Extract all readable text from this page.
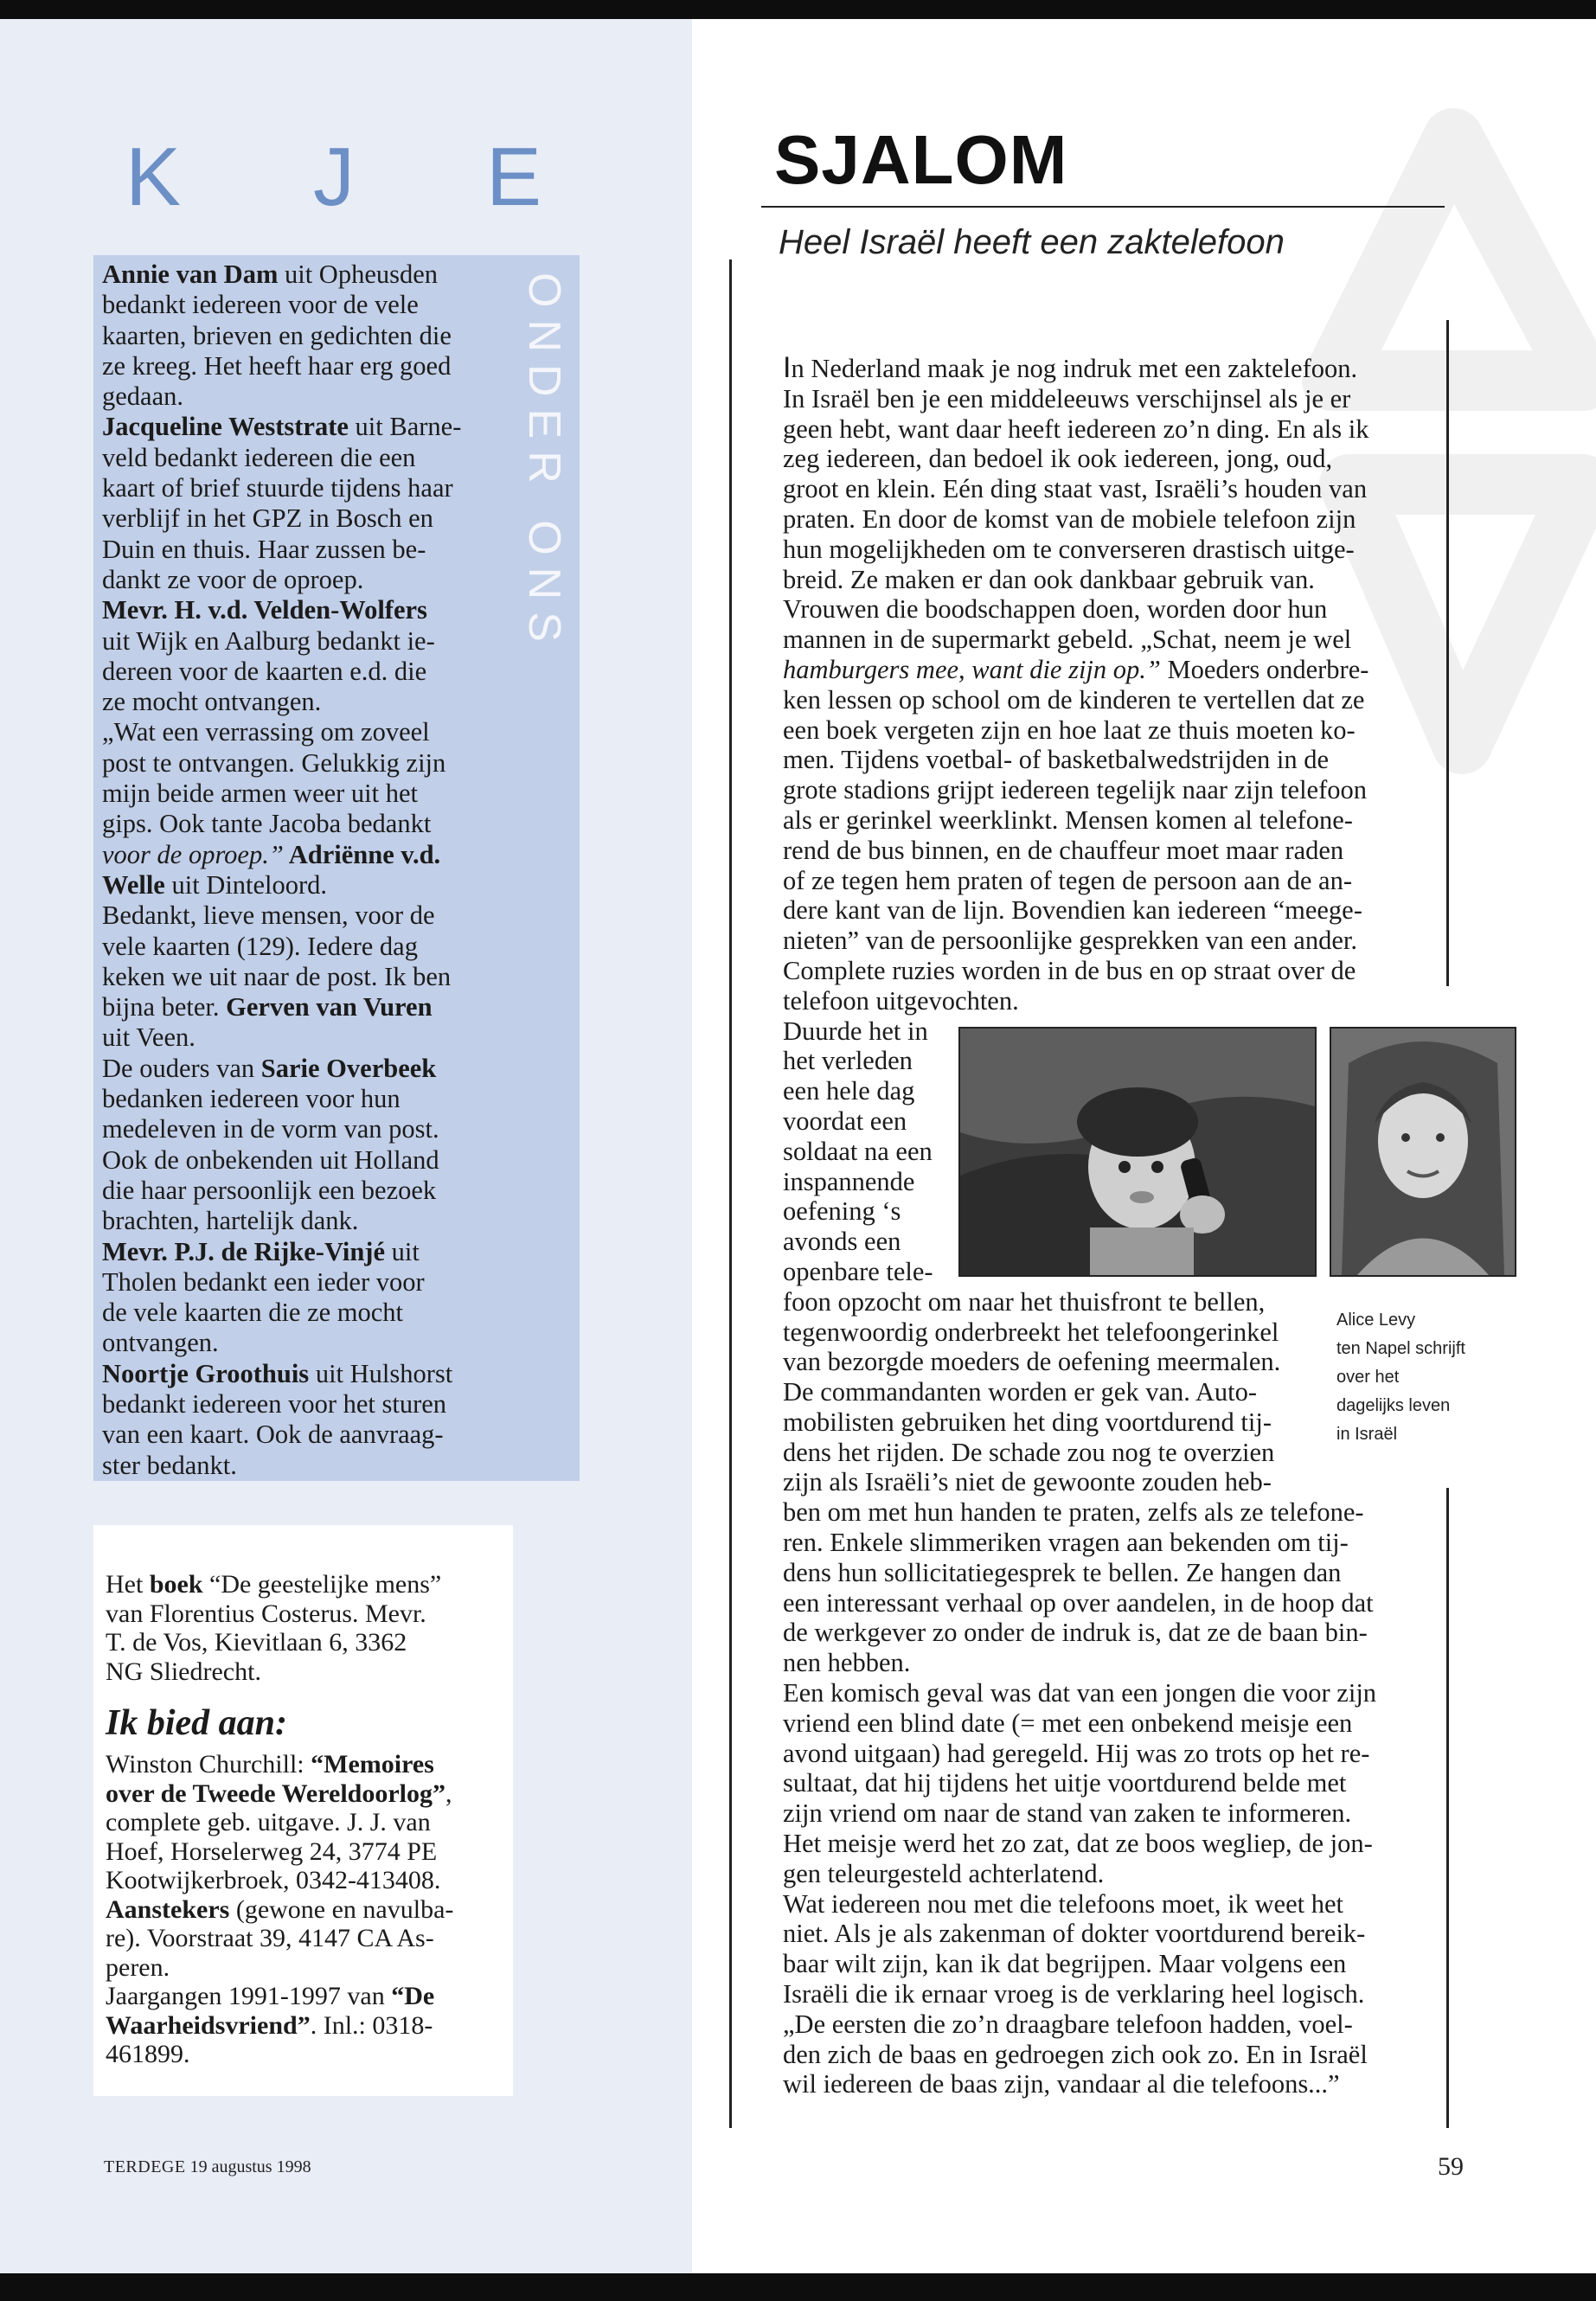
K J E
ONDER ONS
Annie van Dam uit Opheusden
bedankt iedereen voor de vele
kaarten, brieven en gedichten die
ze kreeg. Het heeft haar erg goed
gedaan.
Jacqueline Weststrate uit Barne-
veld bedankt iedereen die een
kaart of brief stuurde tijdens haar
verblijf in het GPZ in Bosch en
Duin en thuis. Haar zussen be-
dankt ze voor de oproep.
Mevr. H. v.d. Velden-Wolfers
uit Wijk en Aalburg bedankt ie-
dereen voor de kaarten e.d. die
ze mocht ontvangen.
„Wat een verrassing om zoveel
post te ontvangen. Gelukkig zijn
mijn beide armen weer uit het
gips. Ook tante Jacoba bedankt
voor de oproep.” Adriënne v.d.
Welle uit Dinteloord.
Bedankt, lieve mensen, voor de
vele kaarten (129). Iedere dag
keken we uit naar de post. Ik ben
bijna beter. Gerven van Vuren
uit Veen.
De ouders van Sarie Overbeek
bedanken iedereen voor hun
medeleven in de vorm van post.
Ook de onbekenden uit Holland
die haar persoonlijk een bezoek
brachten, hartelijk dank.
Mevr. P.J. de Rijke-Vinjé uit
Tholen bedankt een ieder voor
de vele kaarten die ze mocht
ontvangen.
Noortje Groothuis uit Hulshorst
bedankt iedereen voor het sturen
van een kaart. Ook de aanvraag-
ster bedankt.
Het boek “De geestelijke mens”
van Florentius Costerus. Mevr.
T. de Vos, Kievitlaan 6, 3362
NG Sliedrecht.
Ik bied aan:
Winston Churchill: “Memoires
over de Tweede Wereldoorlog”,
complete geb. uitgave. J. J. van
Hoef, Horselerweg 24, 3774 PE
Kootwijkerbroek, 0342-413408.
Aanstekers (gewone en navulba-
re). Voorstraat 39, 4147 CA As-
peren.
Jaargangen 1991-1997 van “De
Waarheidsvriend”. Inl.: 0318-
461899.
TERDEGE 19 augustus 1998
SJALOM
Heel Israël heeft een zaktelefoon
In Nederland maak je nog indruk met een zaktelefoon.
In Israël ben je een middeleeuws verschijnsel als je er
geen hebt, want daar heeft iedereen zo’n ding. En als ik
zeg iedereen, dan bedoel ik ook iedereen, jong, oud,
groot en klein. Eén ding staat vast, Israëli’s houden van
praten. En door de komst van de mobiele telefoon zijn
hun mogelijkheden om te converseren drastisch uitge-
breid. Ze maken er dan ook dankbaar gebruik van.
Vrouwen die boodschappen doen, worden door hun
mannen in de supermarkt gebeld. „Schat, neem je wel
hamburgers mee, want die zijn op.” Moeders onderbre-
ken lessen op school om de kinderen te vertellen dat ze
een boek vergeten zijn en hoe laat ze thuis moeten ko-
men. Tijdens voetbal- of basketbalwedstrijden in de
grote stadions grijpt iedereen tegelijk naar zijn telefoon
als er gerinkel weerklinkt. Mensen komen al telefone-
rend de bus binnen, en de chauffeur moet maar raden
of ze tegen hem praten of tegen de persoon aan de an-
dere kant van de lijn. Bovendien kan iedereen “meege-
nieten” van de persoonlijke gesprekken van een ander.
Complete ruzies worden in de bus en op straat over de
telefoon uitgevochten.
Duurde het in
het verleden
een hele dag
voordat een
soldaat na een
inspannende
oefening ‘s
avonds een
openbare tele-
foon opzocht om naar het thuisfront te bellen,
tegenwoordig onderbreekt het telefoongerinkel
van bezorgde moeders de oefening meermalen.
De commandanten worden er gek van. Auto-
mobilisten gebruiken het ding voortdurend tij-
dens het rijden. De schade zou nog te overzien
zijn als Israëli’s niet de gewoonte zouden heb-
ben om met hun handen te praten, zelfs als ze telefone-
ren. Enkele slimmeriken vragen aan bekenden om tij-
dens hun sollicitatiegesprek te bellen. Ze hangen dan
een interessant verhaal op over aandelen, in de hoop dat
de werkgever zo onder de indruk is, dat ze de baan bin-
nen hebben.
Een komisch geval was dat van een jongen die voor zijn
vriend een blind date (= met een onbekend meisje een
avond uitgaan) had geregeld. Hij was zo trots op het re-
sultaat, dat hij tijdens het uitje voortdurend belde met
zijn vriend om naar de stand van zaken te informeren.
Het meisje werd het zo zat, dat ze boos wegliep, de jon-
gen teleurgesteld achterlatend.
Wat iedereen nou met die telefoons moet, ik weet het
niet. Als je als zakenman of dokter voortdurend bereik-
baar wilt zijn, kan ik dat begrijpen. Maar volgens een
Israëli die ik ernaar vroeg is de verklaring heel logisch.
„De eersten die zo’n draagbare telefoon hadden, voel-
den zich de baas en gedroegen zich ook zo. En in Israël
wil iedereen de baas zijn, vandaar al die telefoons...”
Alice Levy
ten Napel schrijft
over het
dagelijks leven
in Israël
59
